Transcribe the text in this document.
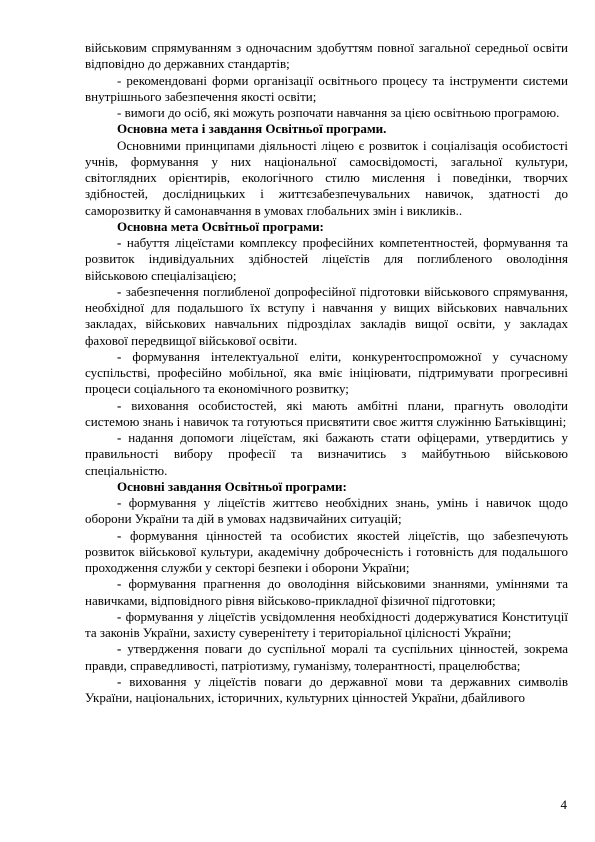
військовим спрямуванням з одночасним здобуттям повної загальної середньої освіти відповідно до державних стандартів;

- рекомендовані форми організації освітнього процесу та інструменти системи внутрішнього забезпечення якості освіти;

- вимоги до осіб, які можуть розпочати навчання за цією освітньою програмою.

Основна мета і завдання Освітньої програми.

Основними принципами діяльності ліцею є розвиток і соціалізація особистості учнів, формування у них національної самосвідомості, загальної культури, світоглядних орієнтирів, екологічного стилю мислення і поведінки, творчих здібностей, дослідницьких і життєзабезпечувальних навичок, здатності до саморозвитку й самонавчання в умовах глобальних змін і викликів..

Основна мета Освітньої програми:

- набуття ліцеїстами комплексу професійних компетентностей, формування та розвиток індивідуальних здібностей ліцеїстів для поглибленого оволодіння військовою спеціалізацією;

- забезпечення поглибленої допрофесійної підготовки військового спрямування, необхідної для подальшого їх вступу і навчання у вищих військових навчальних закладах, військових навчальних підрозділах закладів вищої освіти, у закладах фахової передвищої військової освіти.

- формування інтелектуальної еліти, конкурентоспроможної у сучасному суспільстві, професійно мобільної, яка вміє ініціювати, підтримувати прогресивні процеси соціального та економічного розвитку;

- виховання особистостей, які мають амбітні плани, прагнуть оволодіти системою знань і навичок та готуються присвятити своє життя служінню Батьківщині;

- надання допомоги ліцеїстам, які бажають стати офіцерами, утвердитись у правильності вибору професії та визначитись з майбутньою військовою спеціальністю.

Основні завдання Освітньої програми:

- формування у ліцеїстів життєво необхідних знань, умінь і навичок щодо оборони України та дій в умовах надзвичайних ситуацій;

- формування цінностей та особистих якостей ліцеїстів, що забезпечують розвиток військової культури, академічну доброчесність і готовність для подальшого проходження служби у секторі безпеки і оборони України;

- формування прагнення до оволодіння військовими знаннями, уміннями та навичками, відповідного рівня військово-прикладної фізичної підготовки;

- формування у ліцеїстів усвідомлення необхідності додержуватися Конституції та законів України, захисту суверенітету і територіальної цілісності України;

- утвердження поваги до суспільної моралі та суспільних цінностей, зокрема правди, справедливості, патріотизму, гуманізму, толерантності, працелюбства;

- виховання у ліцеїстів поваги до державної мови та державних символів України, національних, історичних, культурних цінностей України, дбайливого

4
